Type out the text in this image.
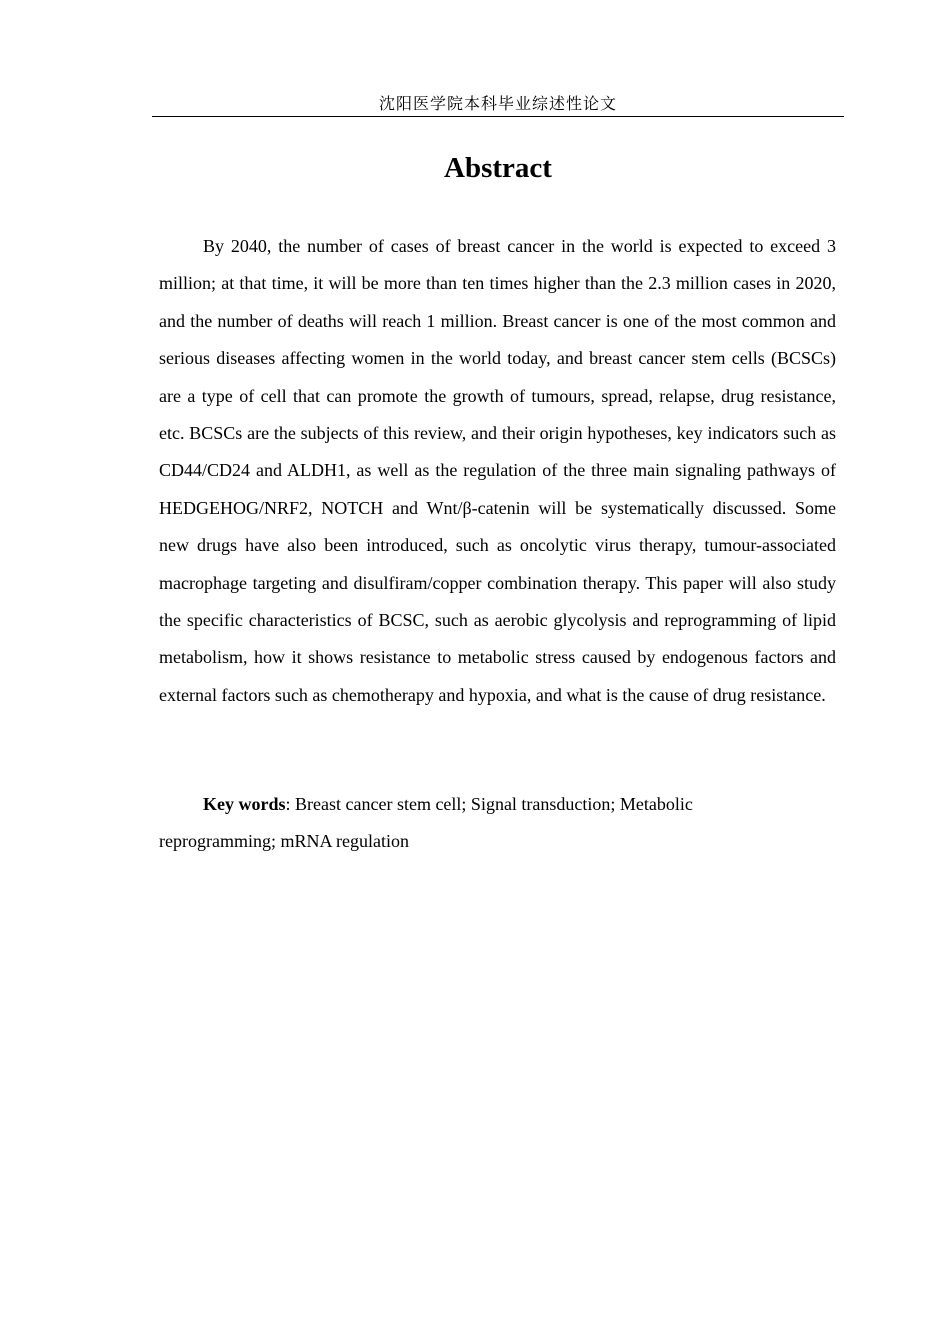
沈阳医学院本科毕业综述性论文
Abstract

By 2040, the number of cases of breast cancer in the world is expected to exceed 3 million; at that time, it will be more than ten times higher than the 2.3 million cases in 2020, and the number of deaths will reach 1 million. Breast cancer is one of the most common and serious diseases affecting women in the world today, and breast cancer stem cells (BCSCs) are a type of cell that can promote the growth of tumours, spread, relapse, drug resistance, etc. BCSCs are the subjects of this review, and their origin hypotheses, key indicators such as CD44/CD24 and ALDH1, as well as the regulation of the three main signaling pathways of HEDGEHOG/NRF2, NOTCH and Wnt/β-catenin will be systematically discussed. Some new drugs have also been introduced, such as oncolytic virus therapy, tumour-associated macrophage targeting and disulfiram/copper combination therapy. This paper will also study the specific characteristics of BCSC, such as aerobic glycolysis and reprogramming of lipid metabolism, how it shows resistance to metabolic stress caused by endogenous factors and external factors such as chemotherapy and hypoxia, and what is the cause of drug resistance.

Key words: Breast cancer stem cell; Signal transduction; Metabolic reprogramming; mRNA regulation
